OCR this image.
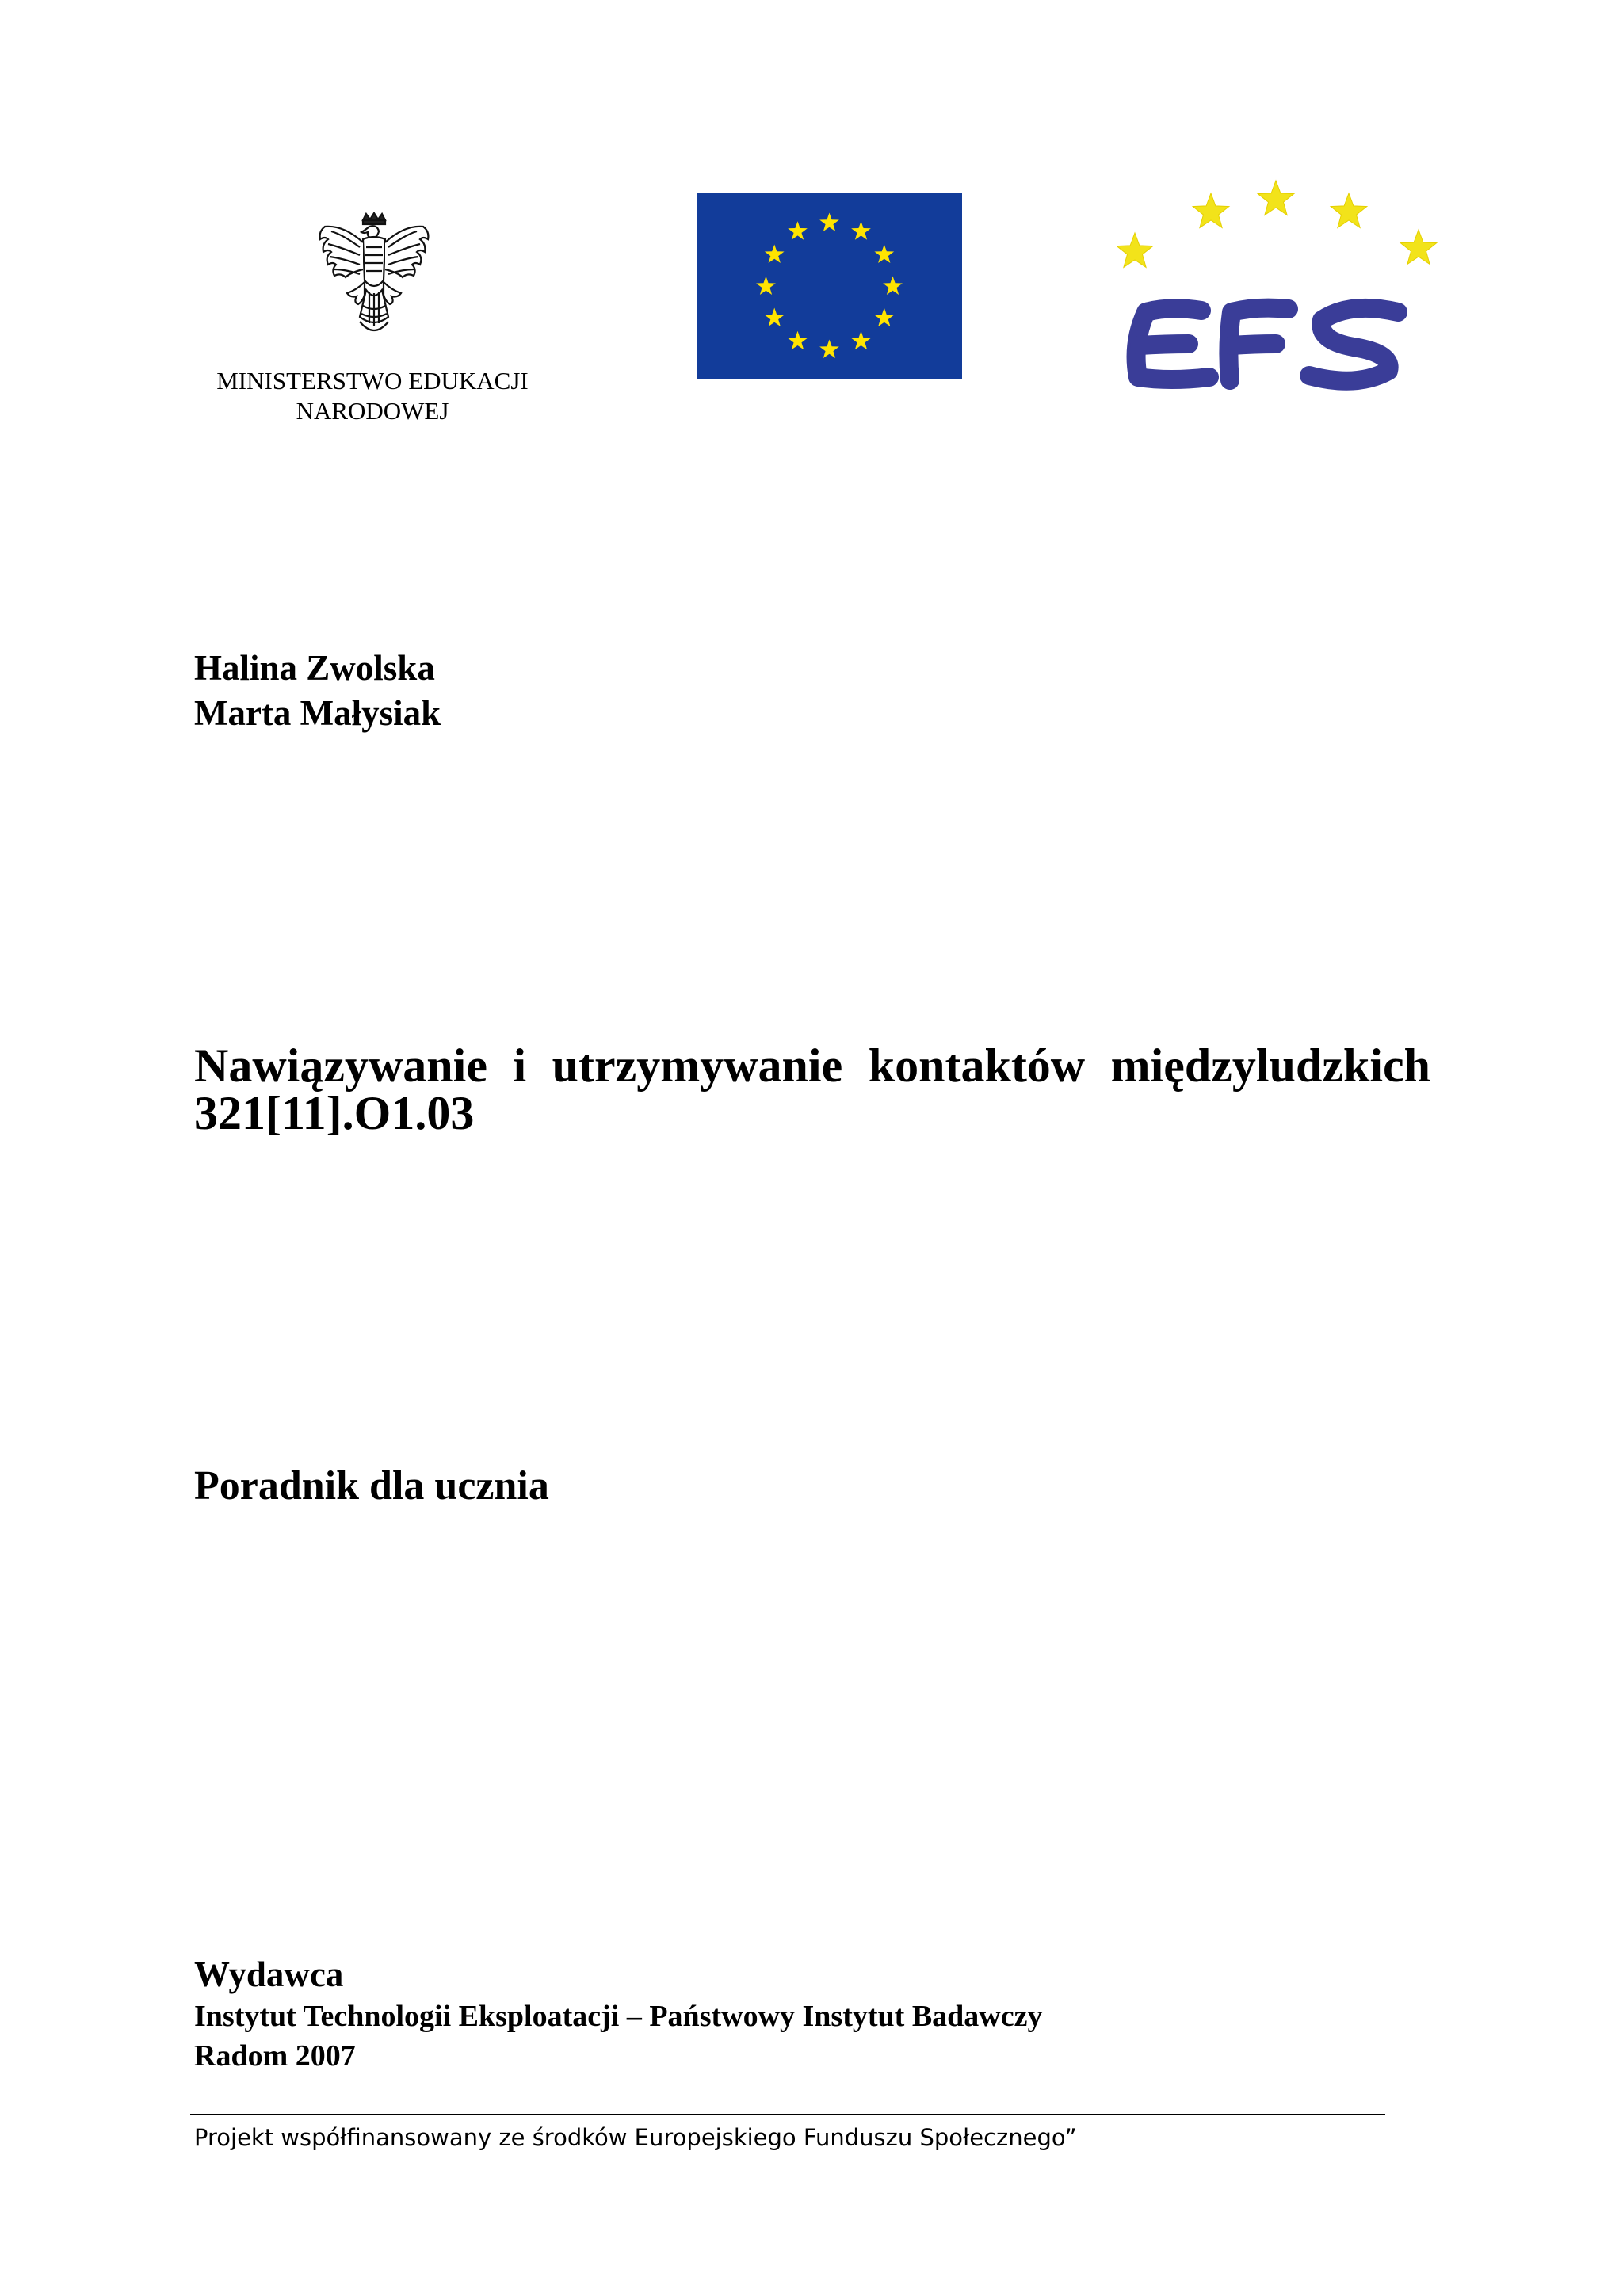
MINISTERSTWO EDUKACJI
NARODOWEJ
EFS
Halina Zwolska
Marta Małysiak
Nawiązywanie i utrzymywanie kontaktów międzyludzkich
321[11].O1.03
Poradnik dla ucznia
Wydawca
Instytut Technologii Eksploatacji – Państwowy Instytut Badawczy
Radom 2007
Projekt współfinansowany ze środków Europejskiego Funduszu Społecznego”
